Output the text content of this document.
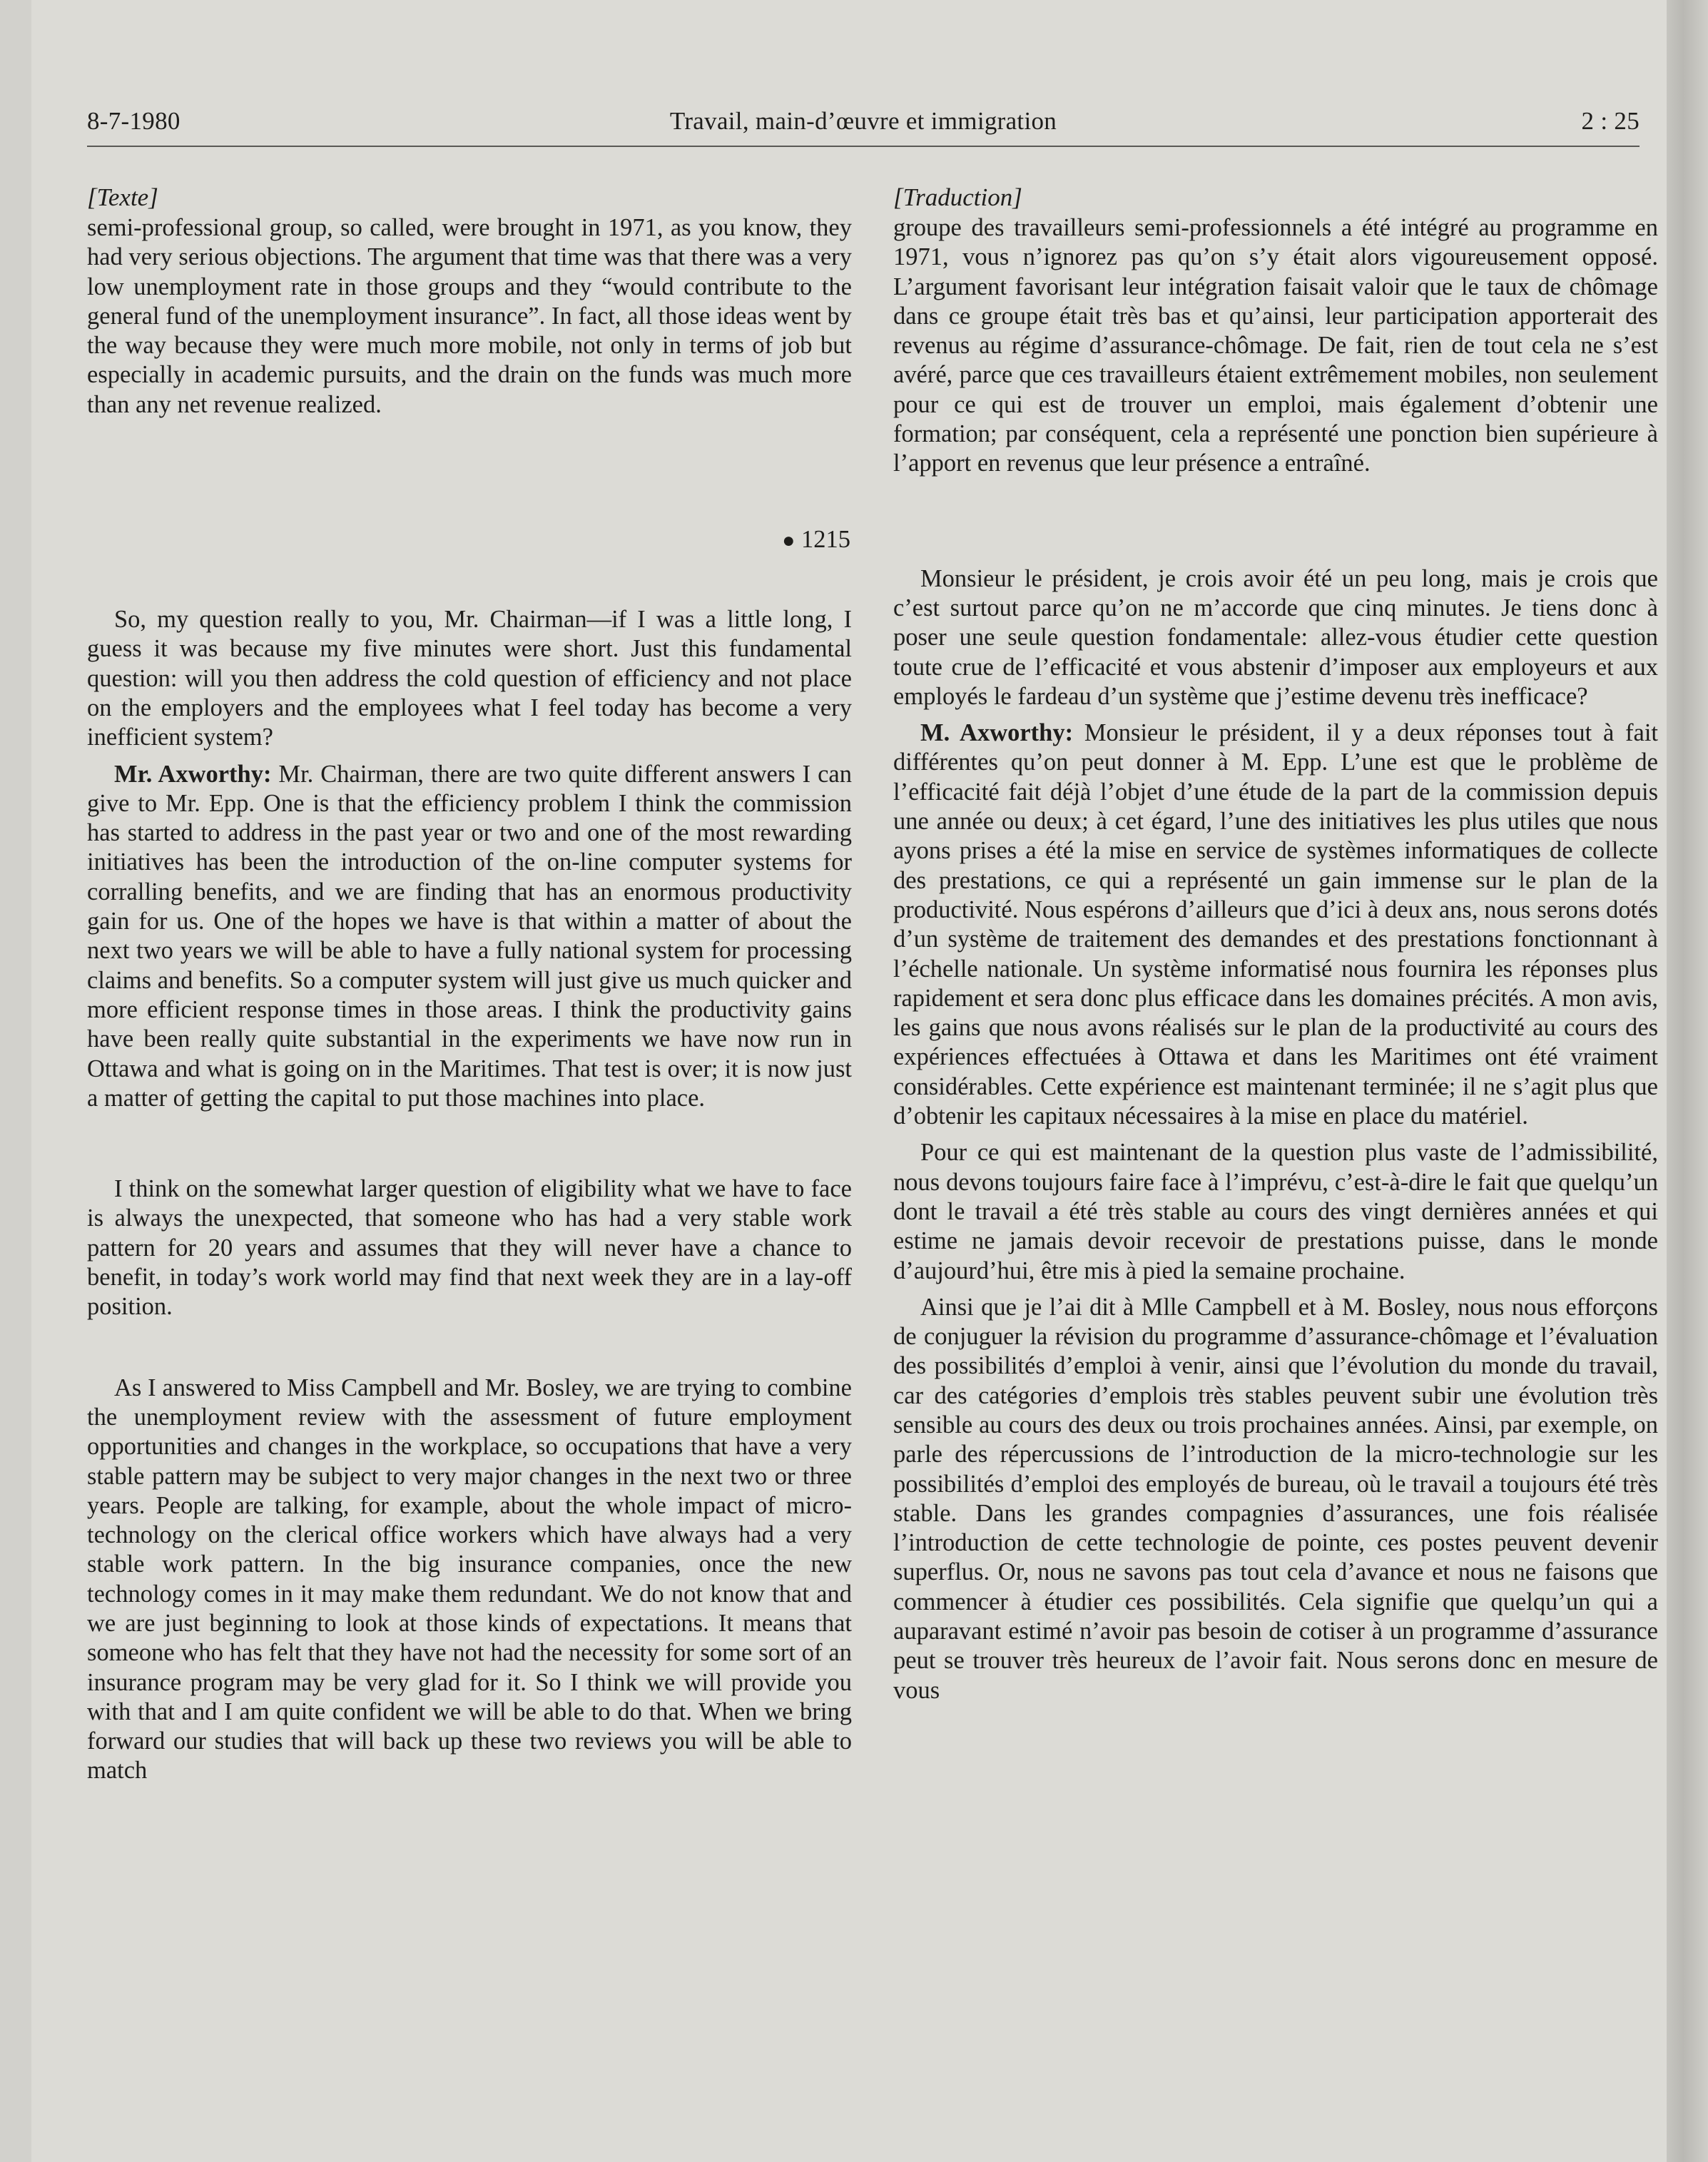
8-7-1980	Travail, main-d’œuvre et immigration	2 : 25
[Texte]

semi-professional group, so called, were brought in 1971, as you know, they had very serious objections. The argument that time was that there was a very low unemployment rate in those groups and they “would contribute to the general fund of the unemployment insurance”. In fact, all those ideas went by the way because they were much more mobile, not only in terms of job but especially in academic pursuits, and the drain on the funds was much more than any net revenue realized.

● 1215

So, my question really to you, Mr. Chairman—if I was a little long, I guess it was because my five minutes were short. Just this fundamental question: will you then address the cold question of efficiency and not place on the employers and the employees what I feel today has become a very inefficient system?

Mr. Axworthy: Mr. Chairman, there are two quite different answers I can give to Mr. Epp. One is that the efficiency problem I think the commission has started to address in the past year or two and one of the most rewarding initiatives has been the introduction of the on-line computer systems for corralling benefits, and we are finding that has an enormous productivity gain for us. One of the hopes we have is that within a matter of about the next two years we will be able to have a fully national system for processing claims and benefits. So a computer system will just give us much quicker and more efficient response times in those areas. I think the productivity gains have been really quite substantial in the experiments we have now run in Ottawa and what is going on in the Maritimes. That test is over; it is now just a matter of getting the capital to put those machines into place.

I think on the somewhat larger question of eligibility what we have to face is always the unexpected, that someone who has had a very stable work pattern for 20 years and assumes that they will never have a chance to benefit, in today’s work world may find that next week they are in a lay-off position.

As I answered to Miss Campbell and Mr. Bosley, we are trying to combine the unemployment review with the assessment of future employment opportunities and changes in the workplace, so occupations that have a very stable pattern may be subject to very major changes in the next two or three years. People are talking, for example, about the whole impact of micro-technology on the clerical office workers which have always had a very stable work pattern. In the big insurance companies, once the new technology comes in it may make them redundant. We do not know that and we are just beginning to look at those kinds of expectations. It means that someone who has felt that they have not had the necessity for some sort of an insurance program may be very glad for it. So I think we will provide you with that and I am quite confident we will be able to do that. When we bring forward our studies that will back up these two reviews you will be able to match

[Traduction]

groupe des travailleurs semi-professionnels a été intégré au programme en 1971, vous n’ignorez pas qu’on s’y était alors vigoureusement opposé. L’argument favorisant leur intégration faisait valoir que le taux de chômage dans ce groupe était très bas et qu’ainsi, leur participation apporterait des revenus au régime d’assurance-chômage. De fait, rien de tout cela ne s’est avéré, parce que ces travailleurs étaient extrêmement mobiles, non seulement pour ce qui est de trouver un emploi, mais également d’obtenir une formation; par conséquent, cela a représenté une ponction bien supérieure à l’apport en revenus que leur présence a entraîné.

Monsieur le président, je crois avoir été un peu long, mais je crois que c’est surtout parce qu’on ne m’accorde que cinq minutes. Je tiens donc à poser une seule question fondamentale: allez-vous étudier cette question toute crue de l’efficacité et vous abstenir d’imposer aux employeurs et aux employés le fardeau d’un système que j’estime devenu très inefficace?

M. Axworthy: Monsieur le président, il y a deux réponses tout à fait différentes qu’on peut donner à M. Epp. L’une est que le problème de l’efficacité fait déjà l’objet d’une étude de la part de la commission depuis une année ou deux; à cet égard, l’une des initiatives les plus utiles que nous ayons prises a été la mise en service de systèmes informatiques de collecte des prestations, ce qui a représenté un gain immense sur le plan de la productivité. Nous espérons d’ailleurs que d’ici à deux ans, nous serons dotés d’un système de traitement des demandes et des prestations fonctionnant à l’échelle nationale. Un système informatisé nous fournira les réponses plus rapidement et sera donc plus efficace dans les domaines précités. A mon avis, les gains que nous avons réalisés sur le plan de la productivité au cours des expériences effectuées à Ottawa et dans les Maritimes ont été vraiment considérables. Cette expérience est maintenant terminée; il ne s’agit plus que d’obtenir les capitaux nécessaires à la mise en place du matériel.

Pour ce qui est maintenant de la question plus vaste de l’admissibilité, nous devons toujours faire face à l’imprévu, c’est-à-dire le fait que quelqu’un dont le travail a été très stable au cours des vingt dernières années et qui estime ne jamais devoir recevoir de prestations puisse, dans le monde d’aujourd’hui, être mis à pied la semaine prochaine.

Ainsi que je l’ai dit à Mlle Campbell et à M. Bosley, nous nous efforçons de conjuguer la révision du programme d’assurance-chômage et l’évaluation des possibilités d’emploi à venir, ainsi que l’évolution du monde du travail, car des catégories d’emplois très stables peuvent subir une évolution très sensible au cours des deux ou trois prochaines années. Ainsi, par exemple, on parle des répercussions de l’introduction de la micro-technologie sur les possibilités d’emploi des employés de bureau, où le travail a toujours été très stable. Dans les grandes compagnies d’assurances, une fois réalisée l’introduction de cette technologie de pointe, ces postes peuvent devenir superflus. Or, nous ne savons pas tout cela d’avance et nous ne faisons que commencer à étudier ces possibilités. Cela signifie que quelqu’un qui a auparavant estimé n’avoir pas besoin de cotiser à un programme d’assurance peut se trouver très heureux de l’avoir fait. Nous serons donc en mesure de vous
